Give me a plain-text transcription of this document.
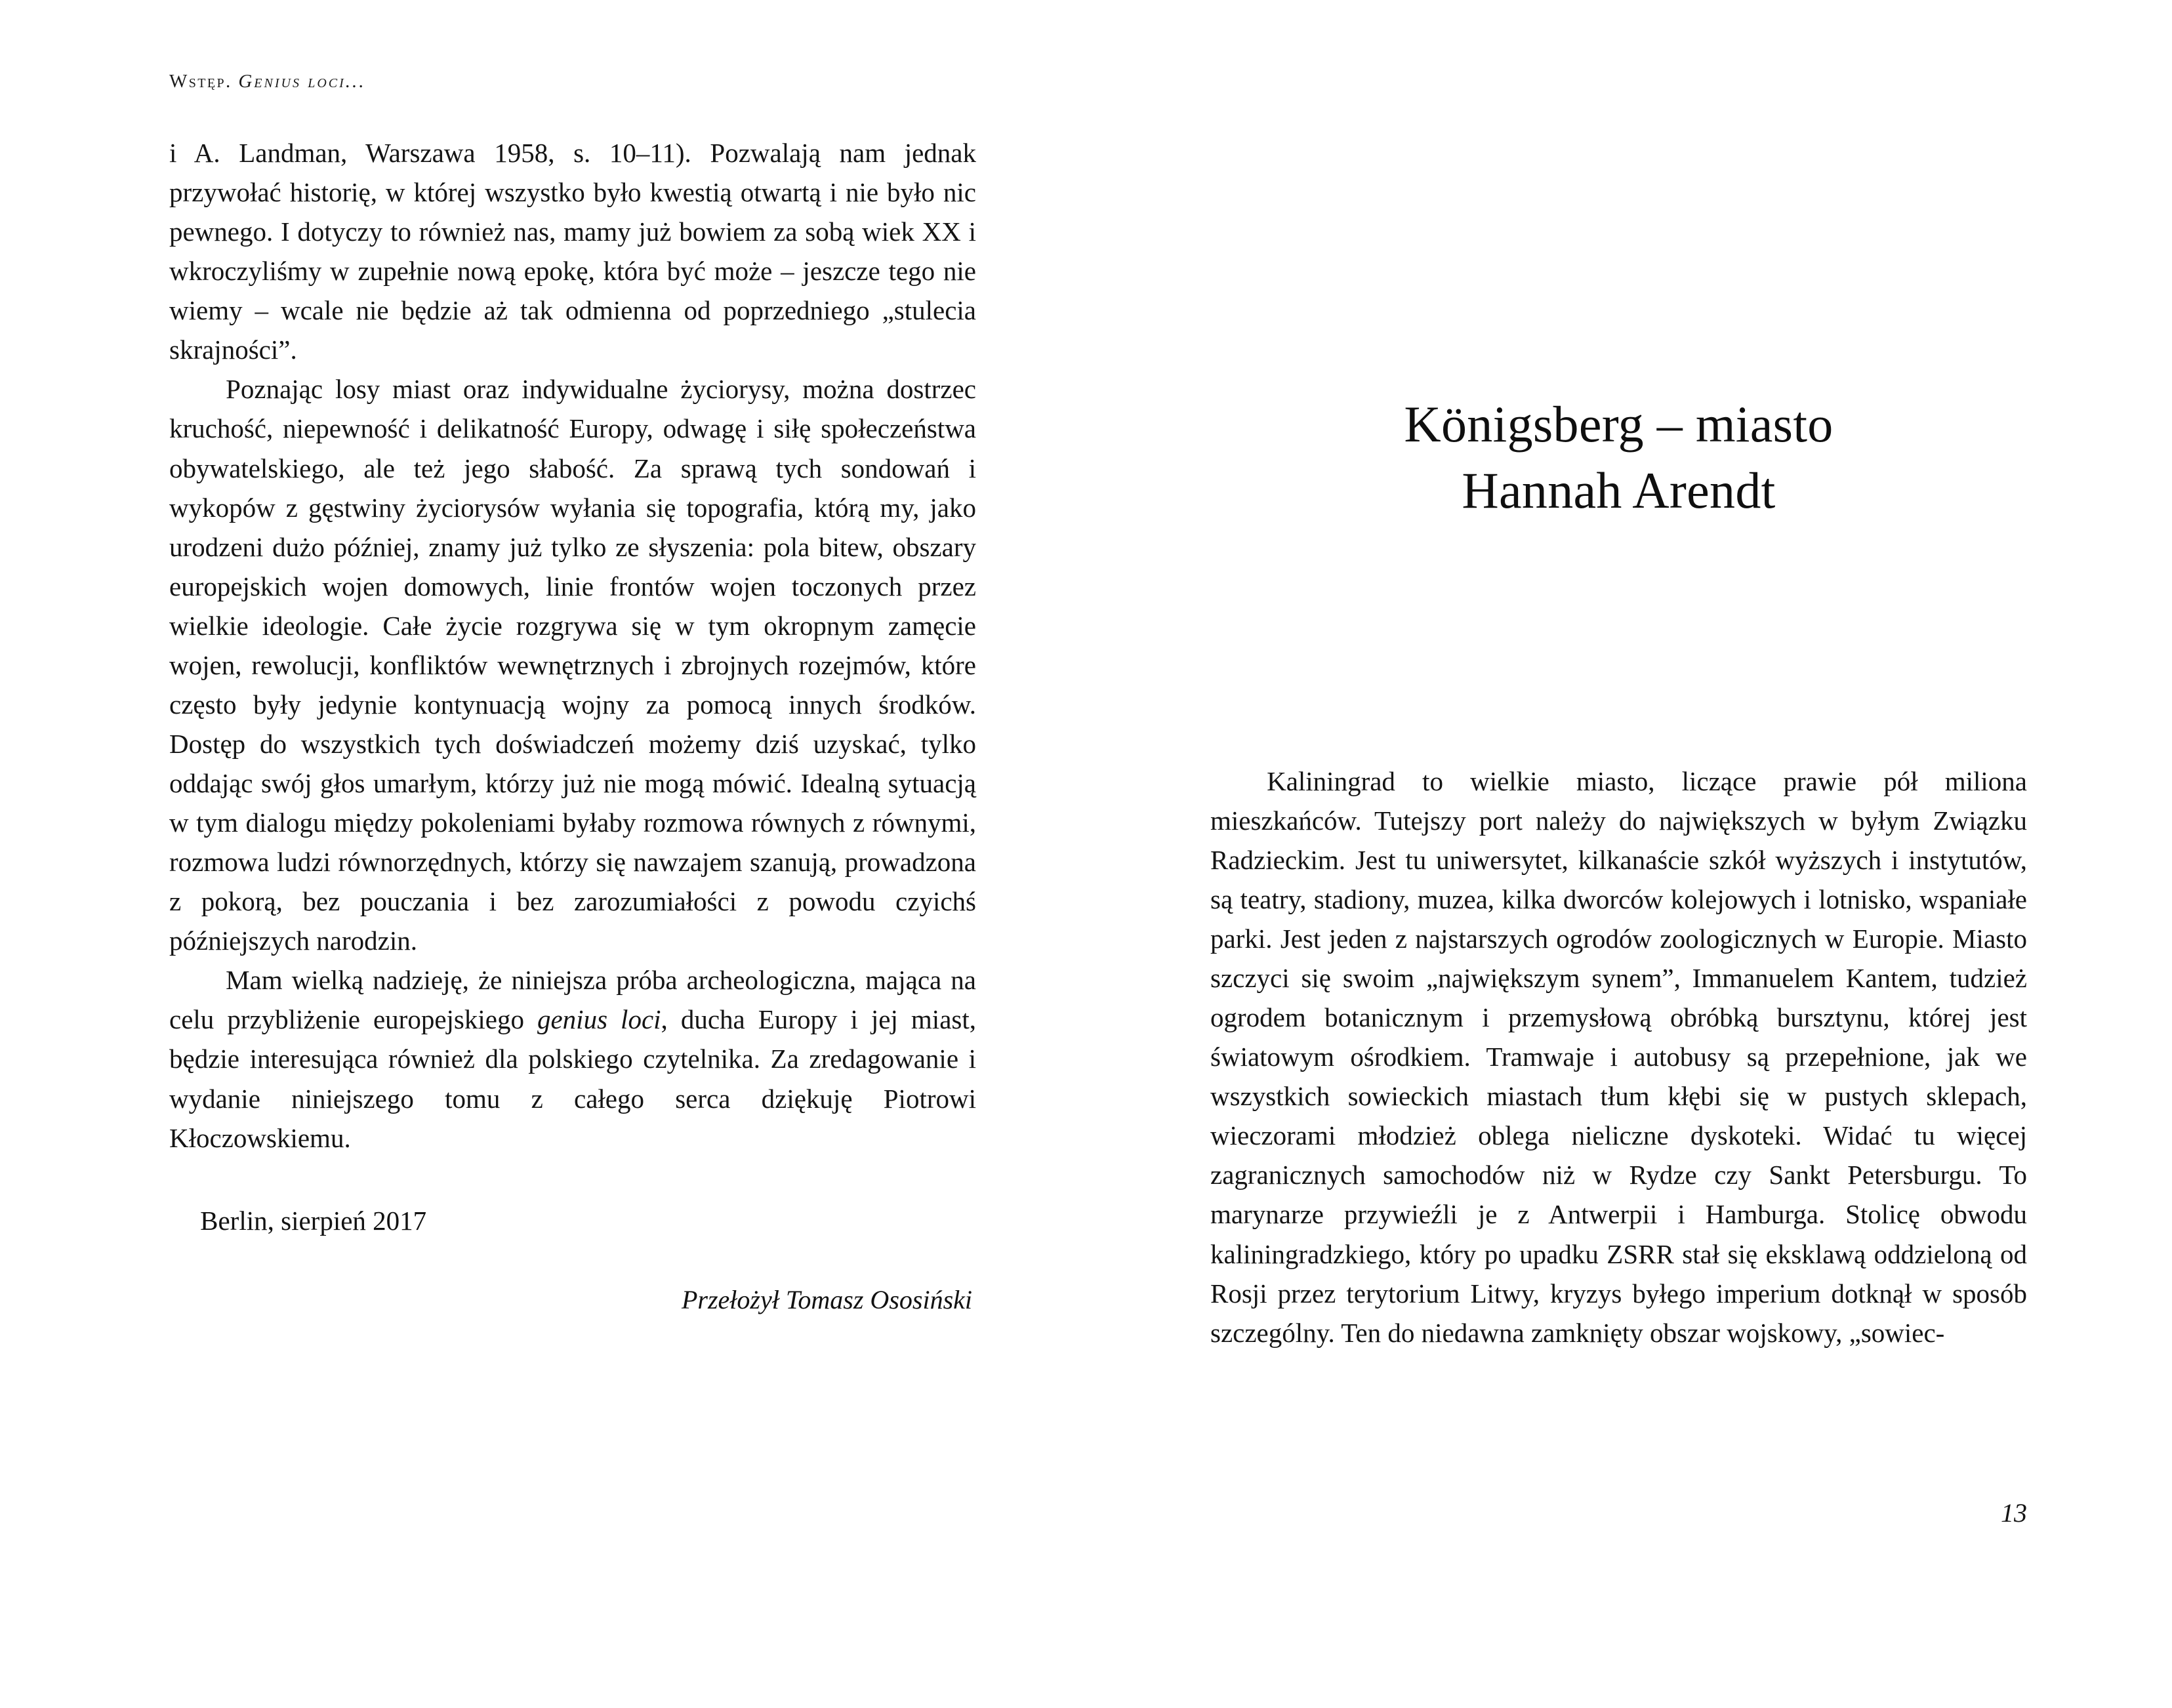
Wstęp. Genius loci...

i A. Landman, Warszawa 1958, s. 10–11). Pozwalają nam jednak przywołać historię, w której wszystko było kwestią otwartą i nie było nic pewnego. I dotyczy to również nas, mamy już bowiem za sobą wiek XX i wkroczyliśmy w zupełnie nową epokę, która być może – jeszcze tego nie wiemy – wcale nie będzie aż tak odmienna od poprzedniego „stulecia skrajności”.

Poznając losy miast oraz indywidualne życiorysy, można dostrzec kruchość, niepewność i delikatność Europy, odwagę i siłę społeczeństwa obywatelskiego, ale też jego słabość. Za sprawą tych sondowań i wykopów z gęstwiny życiorysów wyłania się topografia, którą my, jako urodzeni dużo później, znamy już tylko ze słyszenia: pola bitew, obszary europejskich wojen domowych, linie frontów wojen toczonych przez wielkie ideologie. Całe życie rozgrywa się w tym okropnym zamęcie wojen, rewolucji, konfliktów wewnętrznych i zbrojnych rozejmów, które często były jedynie kontynuacją wojny za pomocą innych środków. Dostęp do wszystkich tych doświadczeń możemy dziś uzyskać, tylko oddając swój głos umarłym, którzy już nie mogą mówić. Idealną sytuacją w tym dialogu między pokoleniami byłaby rozmowa równych z równymi, rozmowa ludzi równorzędnych, którzy się nawzajem szanują, prowadzona z pokorą, bez pouczania i bez zarozumiałości z powodu czyichś późniejszych narodzin.

Mam wielką nadzieję, że niniejsza próba archeologiczna, mająca na celu przybliżenie europejskiego genius loci, ducha Europy i jej miast, będzie interesująca również dla polskiego czytelnika. Za zredagowanie i wydanie niniejszego tomu z całego serca dziękuję Piotrowi Kłoczowskiemu.

Berlin, sierpień 2017
Przełożył Tomasz Ososiński
Königsberg – miasto
Hannah Arendt

Kaliningrad to wielkie miasto, liczące prawie pół miliona mieszkańców. Tutejszy port należy do największych w byłym Związku Radzieckim. Jest tu uniwersytet, kilkanaście szkół wyższych i instytutów, są teatry, stadiony, muzea, kilka dworców kolejowych i lotnisko, wspaniałe parki. Jest jeden z najstarszych ogrodów zoologicznych w Europie. Miasto szczyci się swoim „największym synem”, Immanuelem Kantem, tudzież ogrodem botanicznym i przemysłową obróbką bursztynu, której jest światowym ośrodkiem. Tramwaje i autobusy są przepełnione, jak we wszystkich sowieckich miastach tłum kłębi się w pustych sklepach, wieczorami młodzież oblega nieliczne dyskoteki. Widać tu więcej zagranicznych samochodów niż w Rydze czy Sankt Petersburgu. To marynarze przywieźli je z Antwerpii i Hamburga. Stolicę obwodu kaliningradzkiego, który po upadku ZSRR stał się eksklawą oddzieloną od Rosji przez terytorium Litwy, kryzys byłego imperium dotknął w sposób szczególny. Ten do niedawna zamknięty obszar wojskowy, „sowiec-

13
